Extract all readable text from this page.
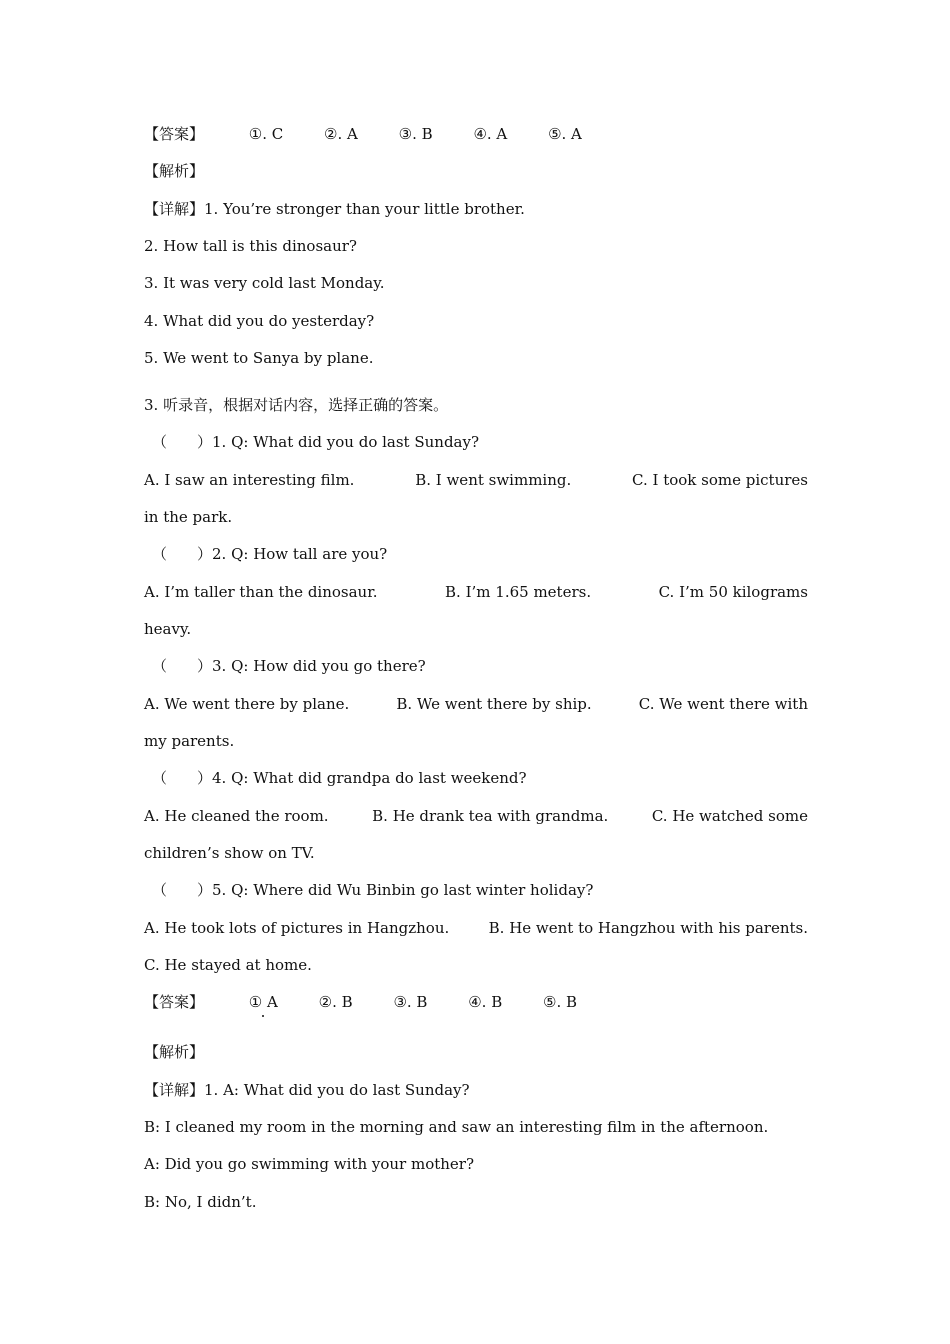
【答案】	①. C	②. A	③. B	④. A	⑤. A
【解析】
【详解】1. You’re stronger than your little brother.
2. How tall is this dinosaur?
3. It was very cold last Monday.
4. What did you do yesterday?
5. We went to Sanya by plane.
3. 听录音，根据对话内容，选择正确的答案。
（　　）1. Q: What did you do last Sunday?
A. I saw an interesting film.	B. I went swimming.	C. I took some pictures
in the park.
（　　）2. Q: How tall are you?
A. I’m taller than the dinosaur.	B. I’m 1.65 meters.	C. I’m 50 kilograms
heavy.
（　　）3. Q: How did you go there?
A. We went there by plane.	B. We went there by ship.	C. We went there with
my parents.
（　　）4. Q: What did grandpa do last weekend?
A. He cleaned the room.	B. He drank tea with grandma.	C. He watched some
children’s show on TV.
（　　）5. Q: Where did Wu Binbin go last winter holiday?
A. He took lots of pictures in Hangzhou.	B. He went to Hangzhou with his parents.
C. He stayed at home.
【答案】	① A	②. B	③. B	④. B	⑤. B
【解析】
【详解】1. A: What did you do last Sunday?
B: I cleaned my room in the morning and saw an interesting film in the afternoon.
A: Did you go swimming with your mother?
B: No, I didn’t.
